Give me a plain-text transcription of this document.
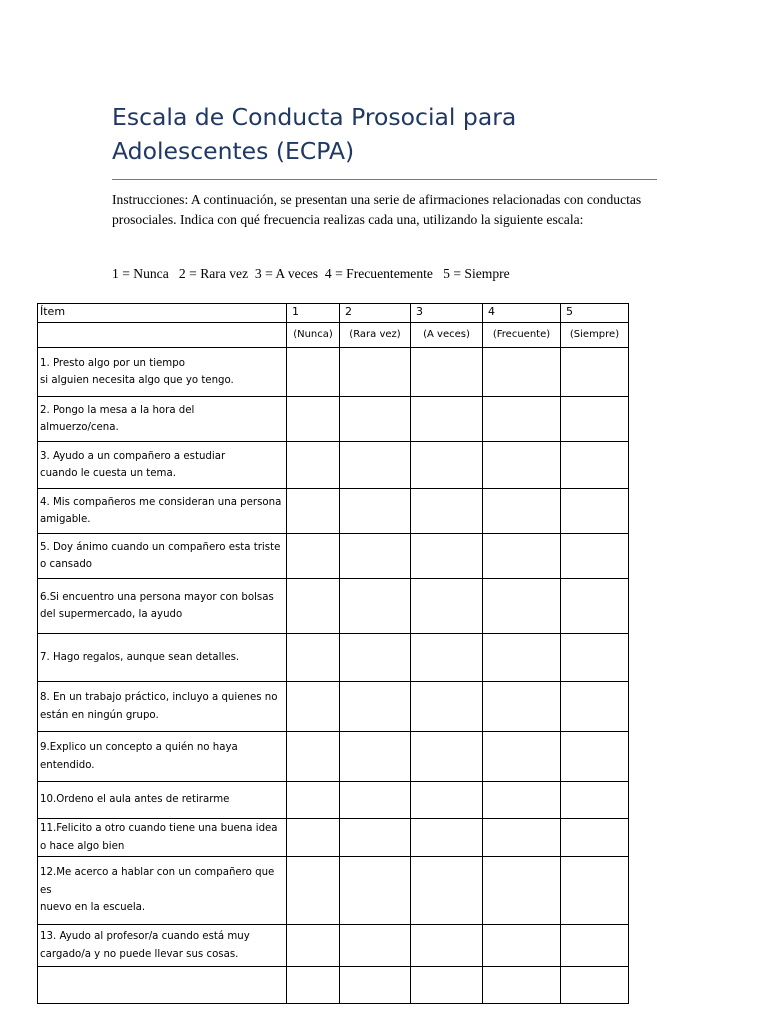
Escala de Conducta Prosocial para
Adolescentes (ECPA)

Instrucciones: A continuación, se presentan una serie de afirmaciones relacionadas con conductas prosociales. Indica con qué frecuencia realizas cada una, utilizando la siguiente escala:

1 = Nunca   2 = Rara vez  3 = A veces  4 = Frecuentemente   5 = Siempre

Ítem	1	2	3	4	5
	(Nunca)	(Rara vez)	(A veces)	(Frecuente)	(Siempre)

1. Presto algo por un tiempo
si alguien necesita algo que yo tengo.					

2. Pongo la mesa a la hora del
almuerzo/cena.					

3. Ayudo a un compañero a estudiar
cuando le cuesta un tema.					

4. Mis compañeros me consideran una persona
amigable.					

5. Doy ánimo cuando un compañero esta triste
o cansado					

6.Si encuentro una persona mayor con bolsas
del supermercado, la ayudo					

7. Hago regalos, aunque sean detalles.					

8. En un trabajo práctico, incluyo a quienes no
están en ningún grupo.					

9.Explico un concepto a quién no haya
entendido.					

10.Ordeno el aula antes de retirarme					

11.Felicito a otro cuando tiene una buena idea
o hace algo bien					

12.Me acerco a hablar con un compañero que es
nuevo en la escuela.					

13. Ayudo al profesor/a cuando está muy
cargado/a y no puede llevar sus cosas.					
